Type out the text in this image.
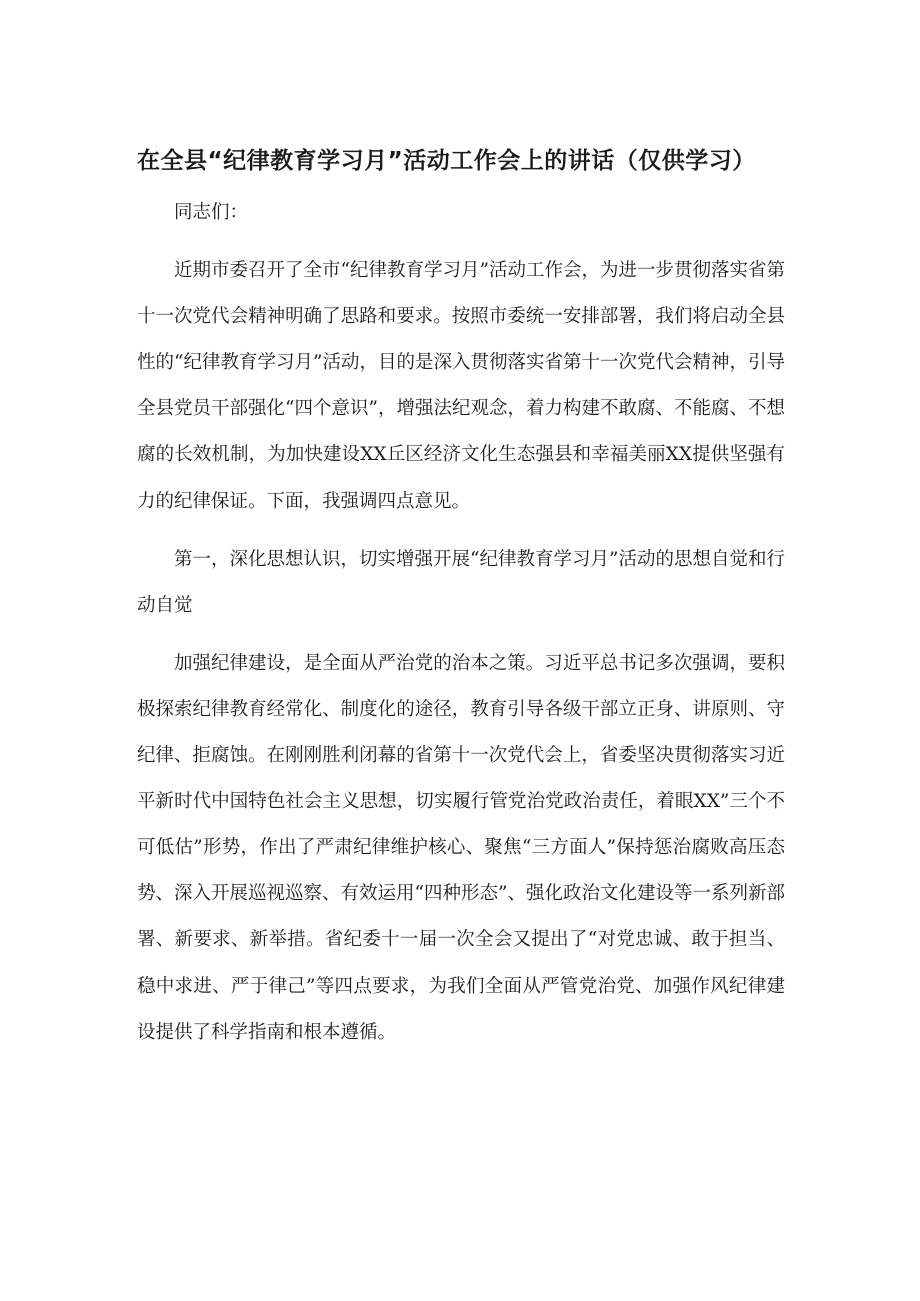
在全县“纪律教育学习月”活动工作会上的讲话（仅供学习）

同志们：

近期市委召开了全市“纪律教育学习月”活动工作会，为进一步贯彻落实省第十一次党代会精神明确了思路和要求。按照市委统一安排部署，我们将启动全县性的“纪律教育学习月”活动，目的是深入贯彻落实省第十一次党代会精神，引导全县党员干部强化“四个意识”，增强法纪观念，着力构建不敢腐、不能腐、不想腐的长效机制，为加快建设XX丘区经济文化生态强县和幸福美丽XX提供坚强有力的纪律保证。下面，我强调四点意见。

第一，深化思想认识，切实增强开展“纪律教育学习月”活动的思想自觉和行动自觉

加强纪律建设，是全面从严治党的治本之策。习近平总书记多次强调，要积极探索纪律教育经常化、制度化的途径，教育引导各级干部立正身、讲原则、守纪律、拒腐蚀。在刚刚胜利闭幕的省第十一次党代会上，省委坚决贯彻落实习近平新时代中国特色社会主义思想，切实履行管党治党政治责任，着眼XX”三个不可低估”形势，作出了严肃纪律维护核心、聚焦“三方面人”保持惩治腐败高压态势、深入开展巡视巡察、有效运用“四种形态”、强化政治文化建设等一系列新部署、新要求、新举措。省纪委十一届一次全会又提出了“对党忠诚、敢于担当、稳中求进、严于律己”等四点要求，为我们全面从严管党治党、加强作风纪律建设提供了科学指南和根本遵循。
